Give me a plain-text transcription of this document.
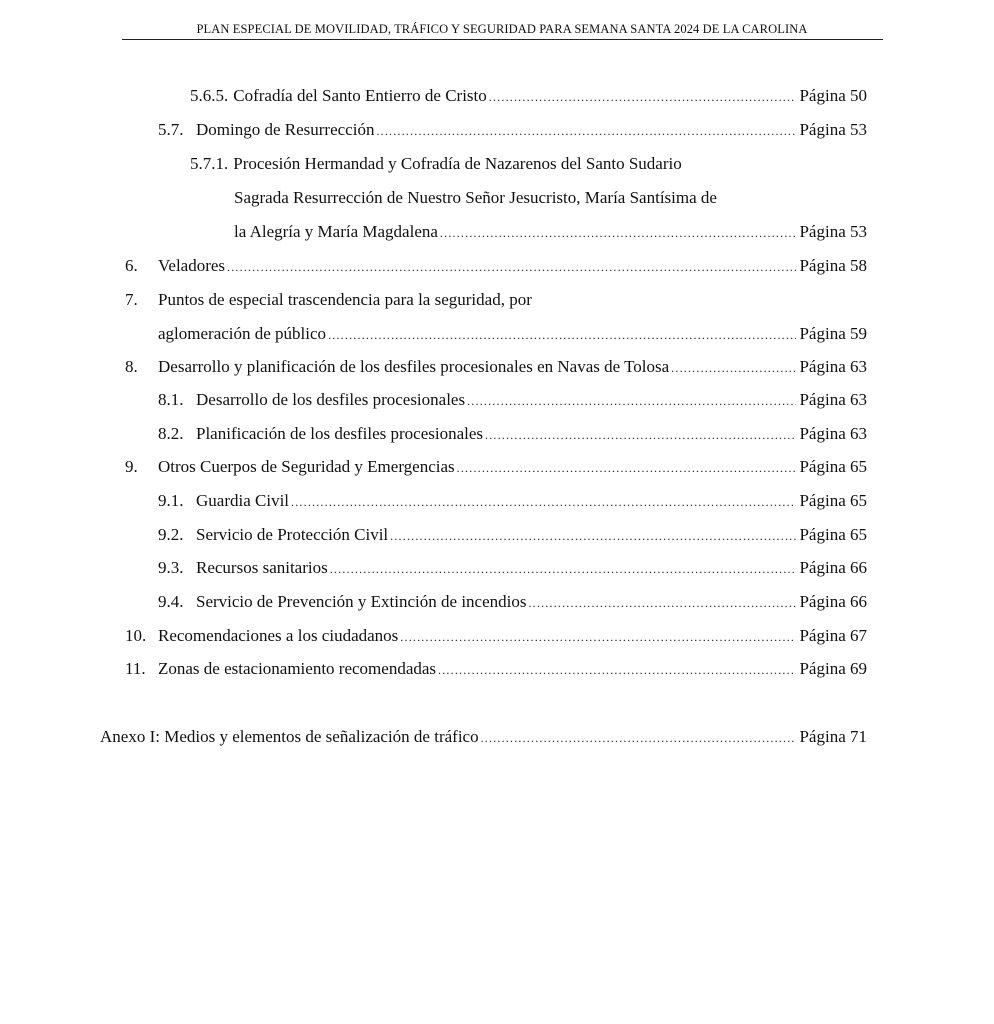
PLAN ESPECIAL DE MOVILIDAD, TRÁFICO Y SEGURIDAD PARA SEMANA SANTA 2024 DE LA CAROLINA
5.6.5. Cofradía del Santo Entierro de Cristo . . .	Página 50
5.7. Domingo de Resurrección . . .	Página 53
5.7.1. Procesión Hermandad y Cofradía de Nazarenos del Santo Sudario
Sagrada Resurrección de Nuestro Señor Jesucristo, María Santísima de
la Alegría y María Magdalena . . .	Página 53
6.	Veladores . . .	Página 58
7.	Puntos de especial trascendencia para la seguridad, por
aglomeración de público . . .	Página 59
8.	Desarrollo y planificación de los desfiles procesionales en Navas de Tolosa . . .	Página 63
8.1. Desarrollo de los desfiles procesionales . . .	Página 63
8.2. Planificación de los desfiles procesionales . . .	Página 63
9.	Otros Cuerpos de Seguridad y Emergencias . . .	Página 65
9.1. Guardia Civil . . .	Página 65
9.2. Servicio de Protección Civil . . .	Página 65
9.3. Recursos sanitarios . . .	Página 66
9.4. Servicio de Prevención y Extinción de incendios . . .	Página 66
10. Recomendaciones a los ciudadanos . . .	Página 67
11. Zonas de estacionamiento recomendadas . . .	Página 69
Anexo I: Medios y elementos de señalización de tráfico . . .	Página 71
